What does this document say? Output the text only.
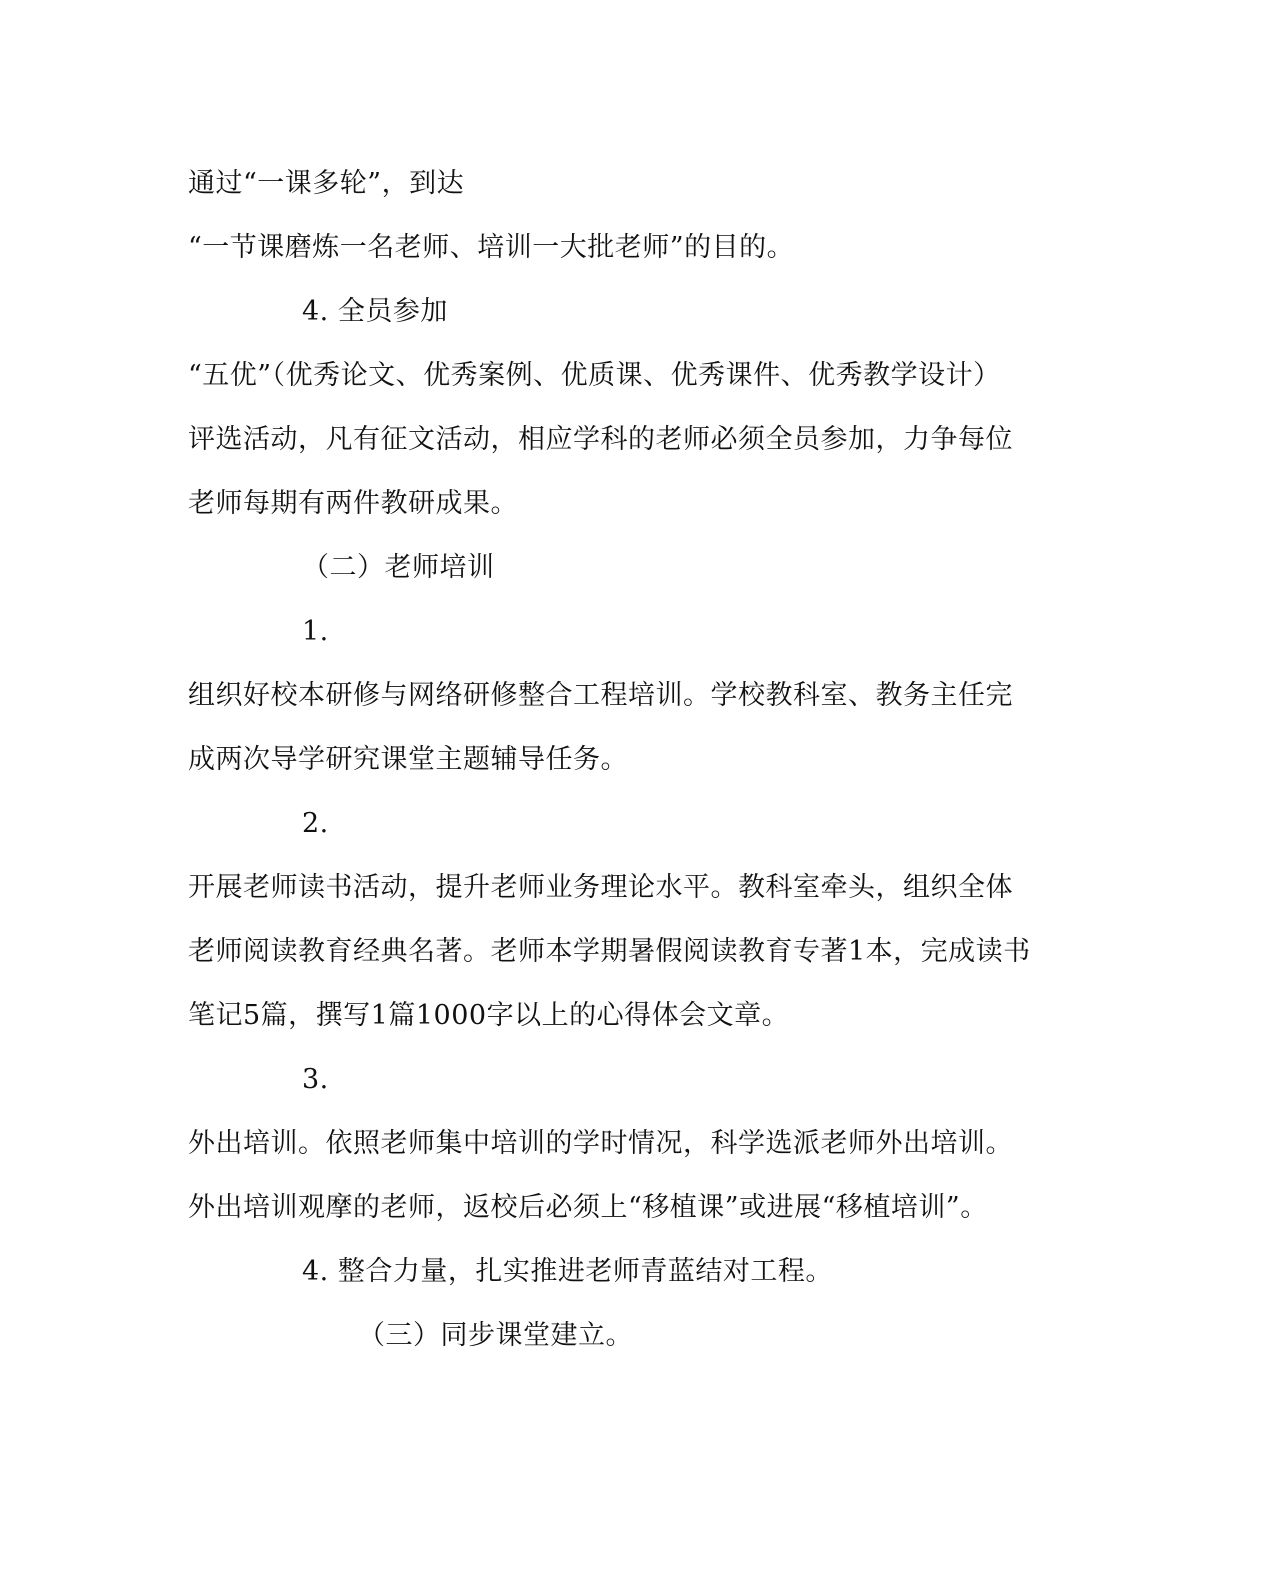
通过“一课多轮”，到达
“一节课磨炼一名老师、培训一大批老师”的目的。
4. 全员参加
“五优”（优秀论文、优秀案例、优质课、优秀课件、优秀教学设计）
评选活动，凡有征文活动，相应学科的老师必须全员参加，力争每位
老师每期有两件教研成果。
（二）老师培训
1.
组织好校本研修与网络研修整合工程培训。学校教科室、教务主任完
成两次导学研究课堂主题辅导任务。
2.
开展老师读书活动，提升老师业务理论水平。教科室牵头，组织全体
老师阅读教育经典名著。老师本学期暑假阅读教育专著1本，完成读书
笔记5篇，撰写1篇1000字以上的心得体会文章。
3.
外出培训。依照老师集中培训的学时情况，科学选派老师外出培训。
外出培训观摩的老师，返校后必须上“移植课”或进展“移植培训”。
4. 整合力量，扎实推进老师青蓝结对工程。
（三）同步课堂建立。
